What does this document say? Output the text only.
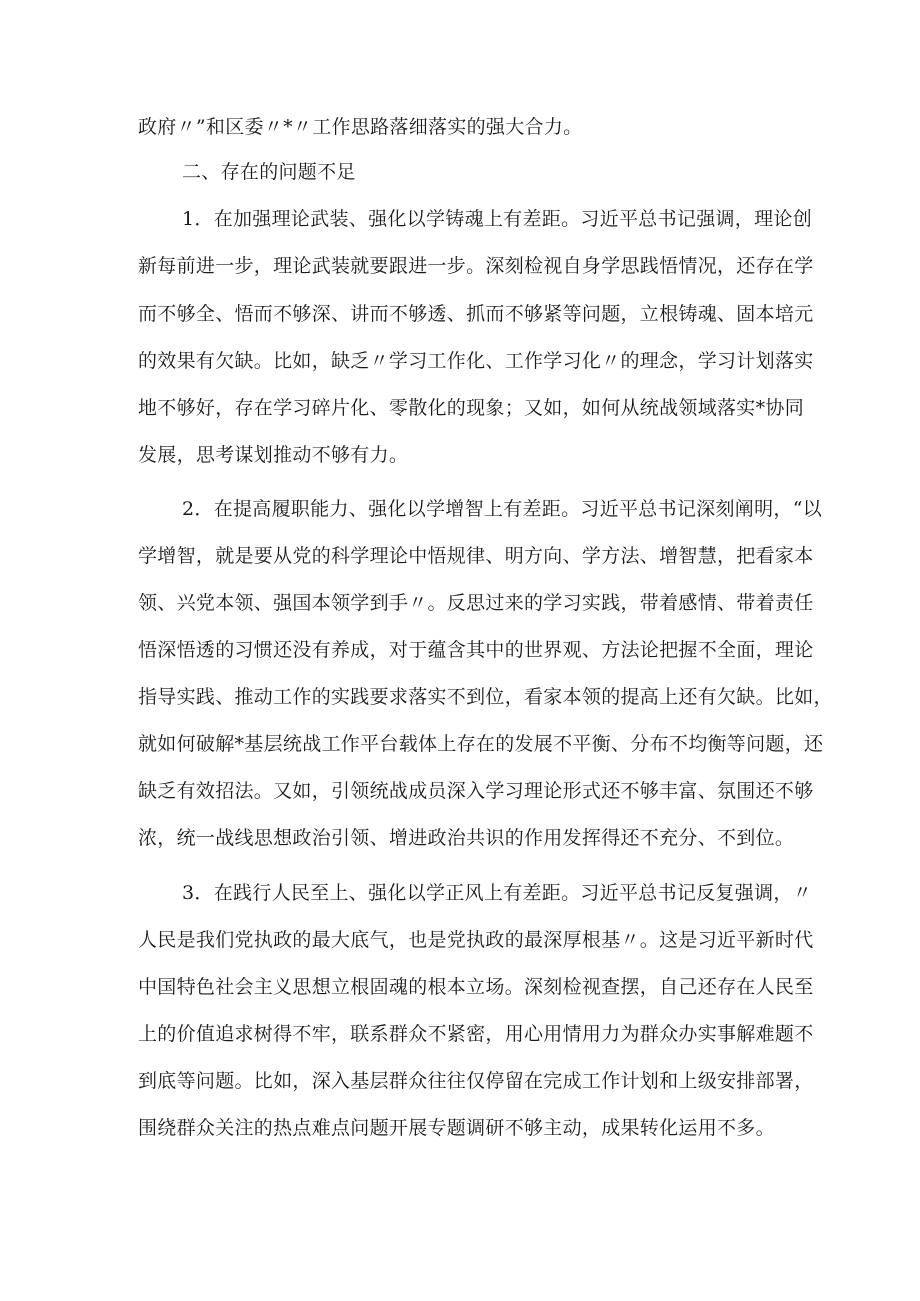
政府〃”和区委〃*〃工作思路落细落实的强大合力。
二、存在的问题不足
1．在加强理论武装、强化以学铸魂上有差距。习近平总书记强调，理论创
新每前进一步，理论武装就要跟进一步。深刻检视自身学思践悟情况，还存在学
而不够全、悟而不够深、讲而不够透、抓而不够紧等问题，立根铸魂、固本培元
的效果有欠缺。比如，缺乏〃学习工作化、工作学习化〃的理念，学习计划落实
地不够好，存在学习碎片化、零散化的现象；又如，如何从统战领域落实*协同
发展，思考谋划推动不够有力。
2．在提高履职能力、强化以学增智上有差距。习近平总书记深刻阐明，“以
学增智，就是要从党的科学理论中悟规律、明方向、学方法、增智慧，把看家本
领、兴党本领、强国本领学到手〃。反思过来的学习实践，带着感情、带着责任
悟深悟透的习惯还没有养成，对于蕴含其中的世界观、方法论把握不全面，理论
指导实践、推动工作的实践要求落实不到位，看家本领的提高上还有欠缺。比如，
就如何破解*基层统战工作平台载体上存在的发展不平衡、分布不均衡等问题，还
缺乏有效招法。又如，引领统战成员深入学习理论形式还不够丰富、氛围还不够
浓，统一战线思想政治引领、增进政治共识的作用发挥得还不充分、不到位。
3．在践行人民至上、强化以学正风上有差距。习近平总书记反复强调，〃
人民是我们党执政的最大底气，也是党执政的最深厚根基〃。这是习近平新时代
中国特色社会主义思想立根固魂的根本立场。深刻检视查摆，自己还存在人民至
上的价值追求树得不牢，联系群众不紧密，用心用情用力为群众办实事解难题不
到底等问题。比如，深入基层群众往往仅停留在完成工作计划和上级安排部署，
围绕群众关注的热点难点问题开展专题调研不够主动，成果转化运用不多。
